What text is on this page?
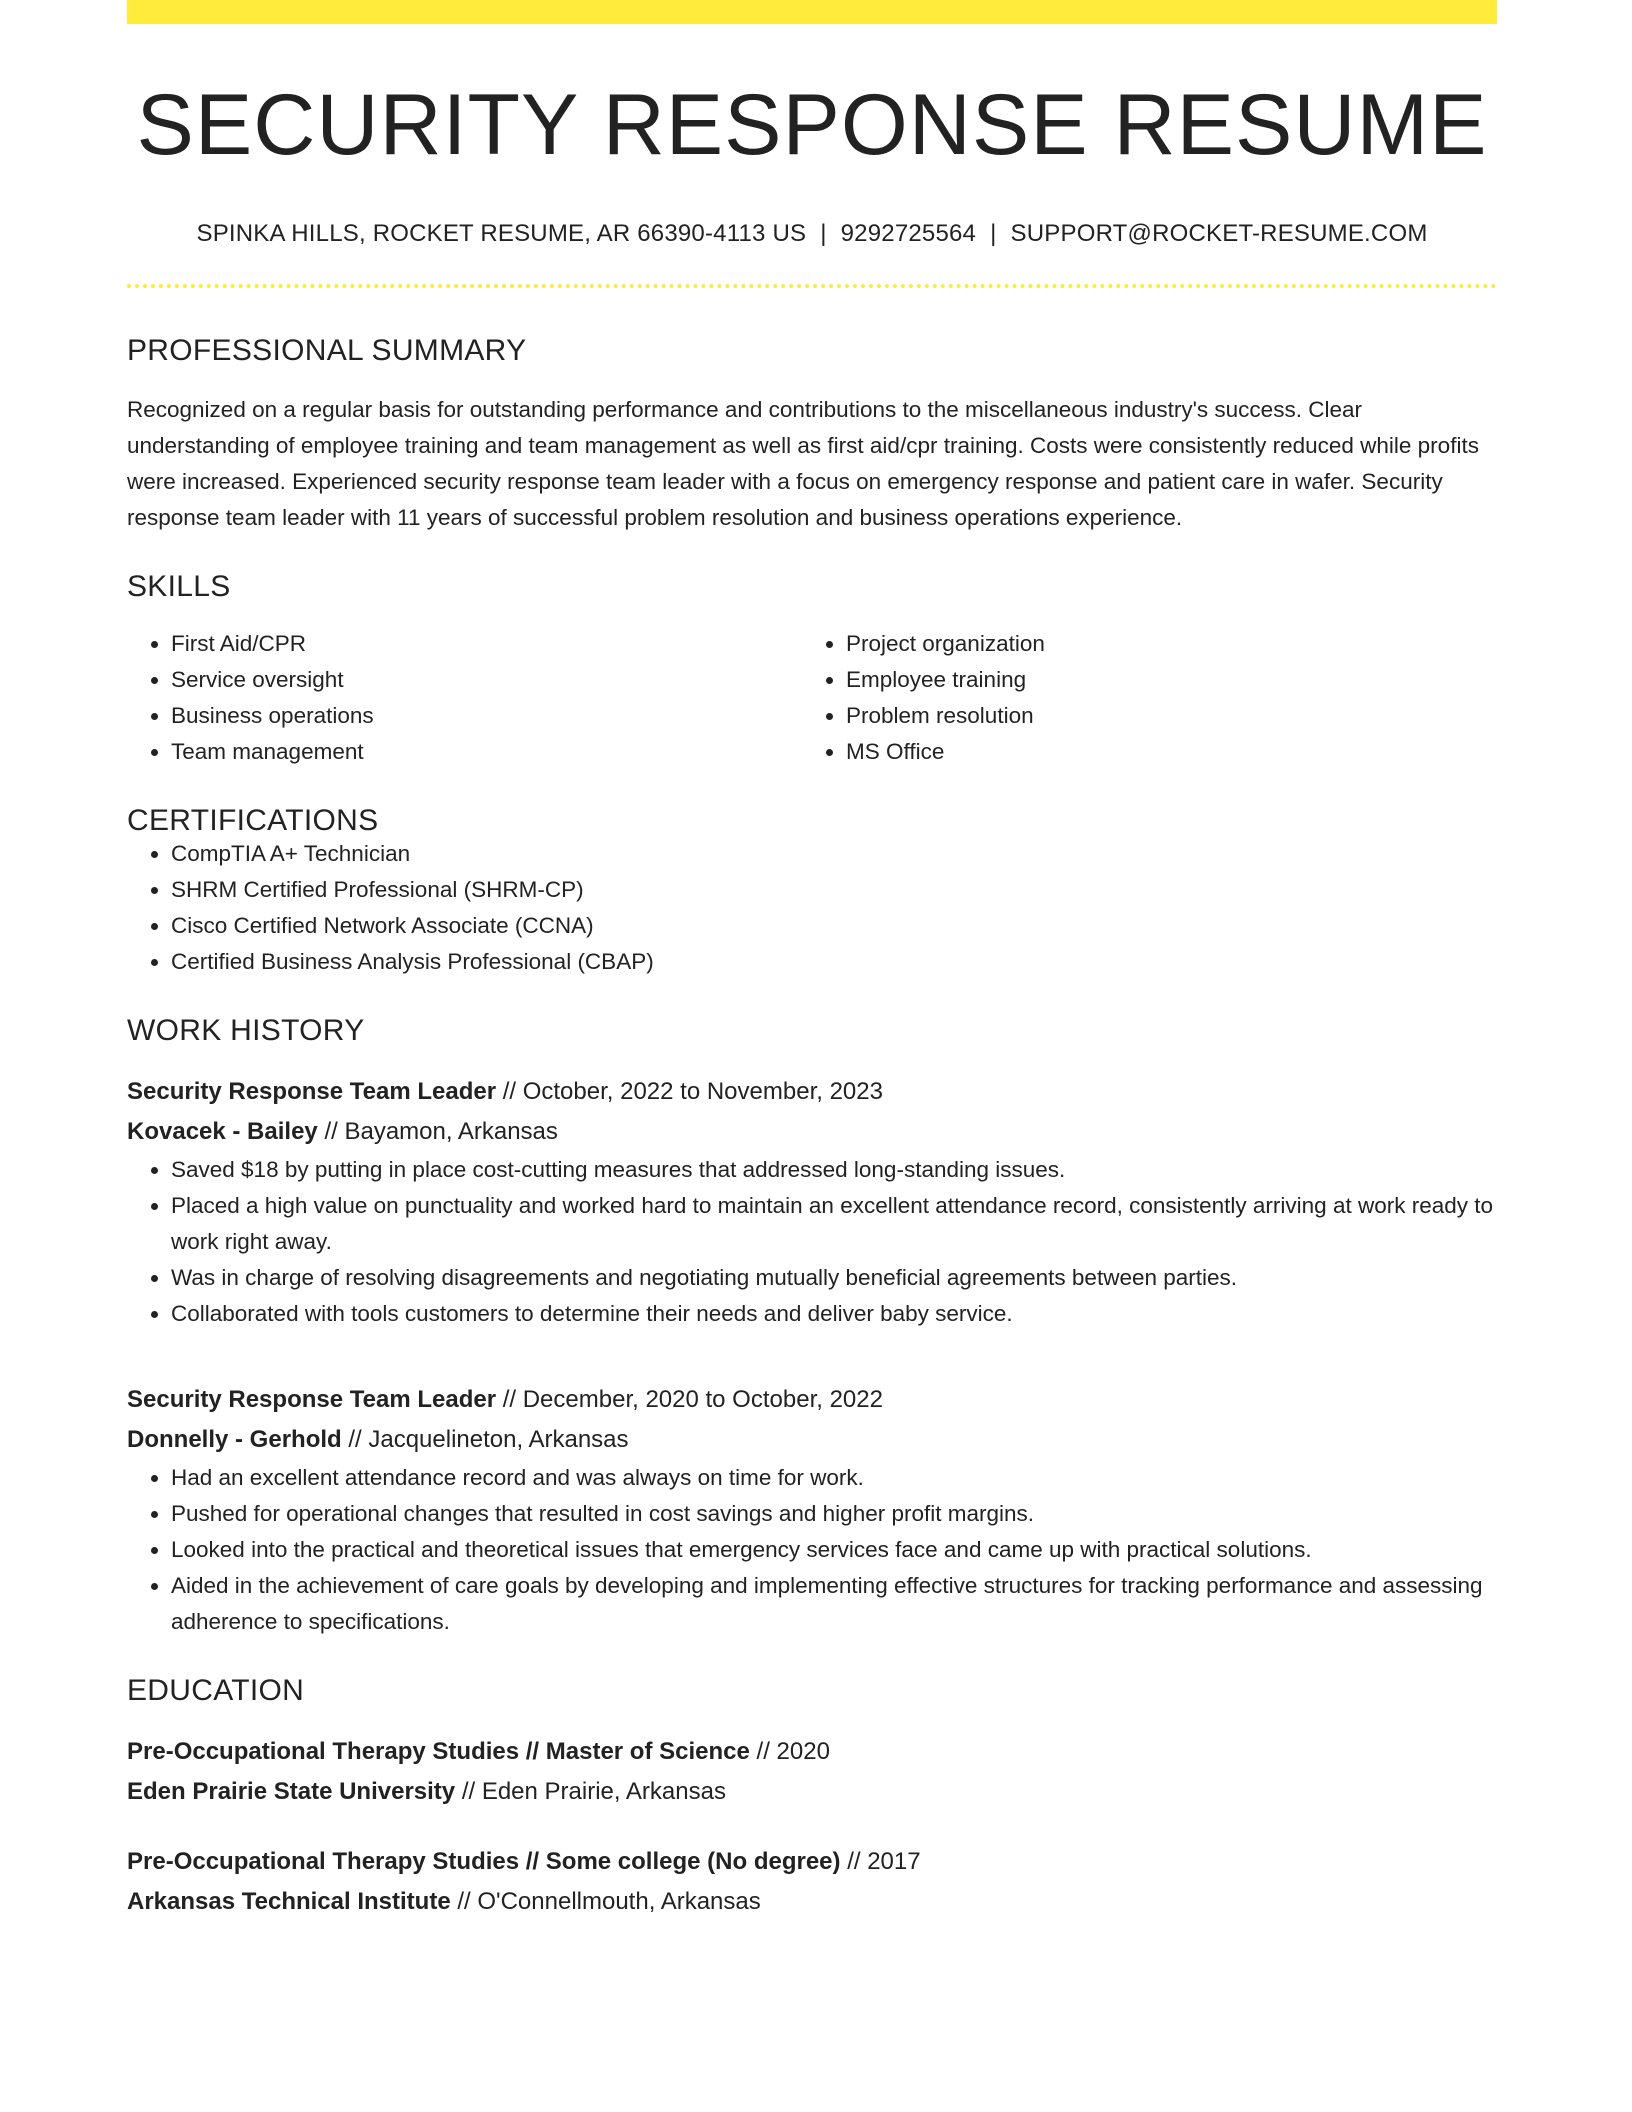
SECURITY RESPONSE RESUME
SPINKA HILLS, ROCKET RESUME, AR 66390-4113 US | 9292725564 | SUPPORT@ROCKET-RESUME.COM
PROFESSIONAL SUMMARY
Recognized on a regular basis for outstanding performance and contributions to the miscellaneous industry's success. Clear understanding of employee training and team management as well as first aid/cpr training. Costs were consistently reduced while profits were increased. Experienced security response team leader with a focus on emergency response and patient care in wafer. Security response team leader with 11 years of successful problem resolution and business operations experience.
SKILLS
• First Aid/CPR
• Service oversight
• Business operations
• Team management
• Project organization
• Employee training
• Problem resolution
• MS Office
CERTIFICATIONS
• CompTIA A+ Technician
• SHRM Certified Professional (SHRM-CP)
• Cisco Certified Network Associate (CCNA)
• Certified Business Analysis Professional (CBAP)
WORK HISTORY
Security Response Team Leader // October, 2022 to November, 2023
Kovacek - Bailey // Bayamon, Arkansas
• Saved $18 by putting in place cost-cutting measures that addressed long-standing issues.
• Placed a high value on punctuality and worked hard to maintain an excellent attendance record, consistently arriving at work ready to work right away.
• Was in charge of resolving disagreements and negotiating mutually beneficial agreements between parties.
• Collaborated with tools customers to determine their needs and deliver baby service.
Security Response Team Leader // December, 2020 to October, 2022
Donnelly - Gerhold // Jacquelineton, Arkansas
• Had an excellent attendance record and was always on time for work.
• Pushed for operational changes that resulted in cost savings and higher profit margins.
• Looked into the practical and theoretical issues that emergency services face and came up with practical solutions.
• Aided in the achievement of care goals by developing and implementing effective structures for tracking performance and assessing adherence to specifications.
EDUCATION
Pre-Occupational Therapy Studies // Master of Science // 2020
Eden Prairie State University // Eden Prairie, Arkansas
Pre-Occupational Therapy Studies // Some college (No degree) // 2017
Arkansas Technical Institute // O'Connellmouth, Arkansas
